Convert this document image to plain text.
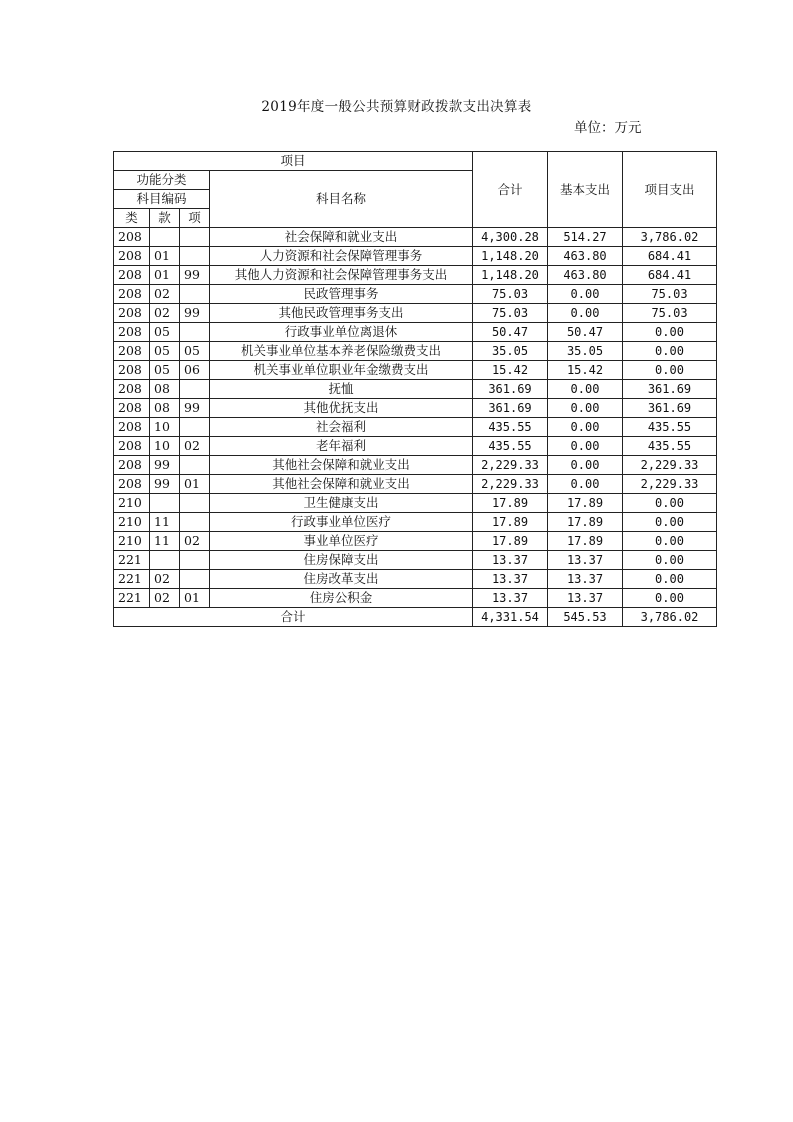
2019年度一般公共预算财政拨款支出决算表
单位：万元
项目				合计	基本支出	项目支出
功能分类			科目名称			
科目编码						
类	款	项				
208			社会保障和就业支出	4,300.28	514.27	3,786.02
208	01		人力资源和社会保障管理事务	1,148.20	463.80	684.41
208	01	99	其他人力资源和社会保障管理事务支出	1,148.20	463.80	684.41
208	02		民政管理事务	75.03	0.00	75.03
208	02	99	其他民政管理事务支出	75.03	0.00	75.03
208	05		行政事业单位离退休	50.47	50.47	0.00
208	05	05	机关事业单位基本养老保险缴费支出	35.05	35.05	0.00
208	05	06	机关事业单位职业年金缴费支出	15.42	15.42	0.00
208	08		抚恤	361.69	0.00	361.69
208	08	99	其他优抚支出	361.69	0.00	361.69
208	10		社会福利	435.55	0.00	435.55
208	10	02	老年福利	435.55	0.00	435.55
208	99		其他社会保障和就业支出	2,229.33	0.00	2,229.33
208	99	01	其他社会保障和就业支出	2,229.33	0.00	2,229.33
210			卫生健康支出	17.89	17.89	0.00
210	11		行政事业单位医疗	17.89	17.89	0.00
210	11	02	事业单位医疗	17.89	17.89	0.00
221			住房保障支出	13.37	13.37	0.00
221	02		住房改革支出	13.37	13.37	0.00
221	02	01	住房公积金	13.37	13.37	0.00
合计				4,331.54	545.53	3,786.02
